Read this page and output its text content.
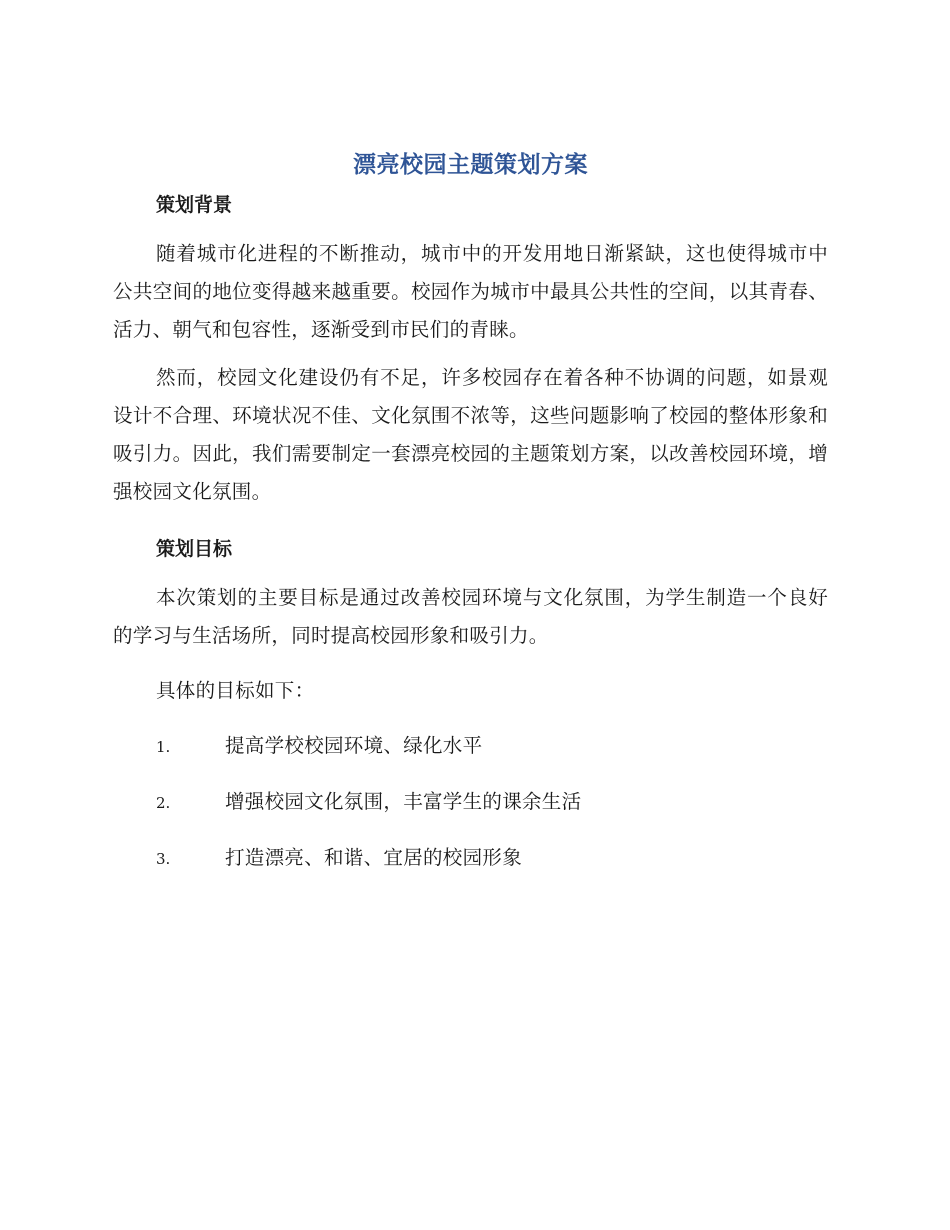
漂亮校园主题策划方案
策划背景

随着城市化进程的不断推动，城市中的开发用地日渐紧缺，这也使得城市中公共空间的地位变得越来越重要。校园作为城市中最具公共性的空间，以其青春、活力、朝气和包容性，逐渐受到市民们的青睐。

然而，校园文化建设仍有不足，许多校园存在着各种不协调的问题，如景观设计不合理、环境状况不佳、文化氛围不浓等，这些问题影响了校园的整体形象和吸引力。因此，我们需要制定一套漂亮校园的主题策划方案，以改善校园环境，增强校园文化氛围。

策划目标

本次策划的主要目标是通过改善校园环境与文化氛围，为学生制造一个良好的学习与生活场所，同时提高校园形象和吸引力。

具体的目标如下：

1.	提高学校校园环境、绿化水平
2.	增强校园文化氛围，丰富学生的课余生活
3.	打造漂亮、和谐、宜居的校园形象
